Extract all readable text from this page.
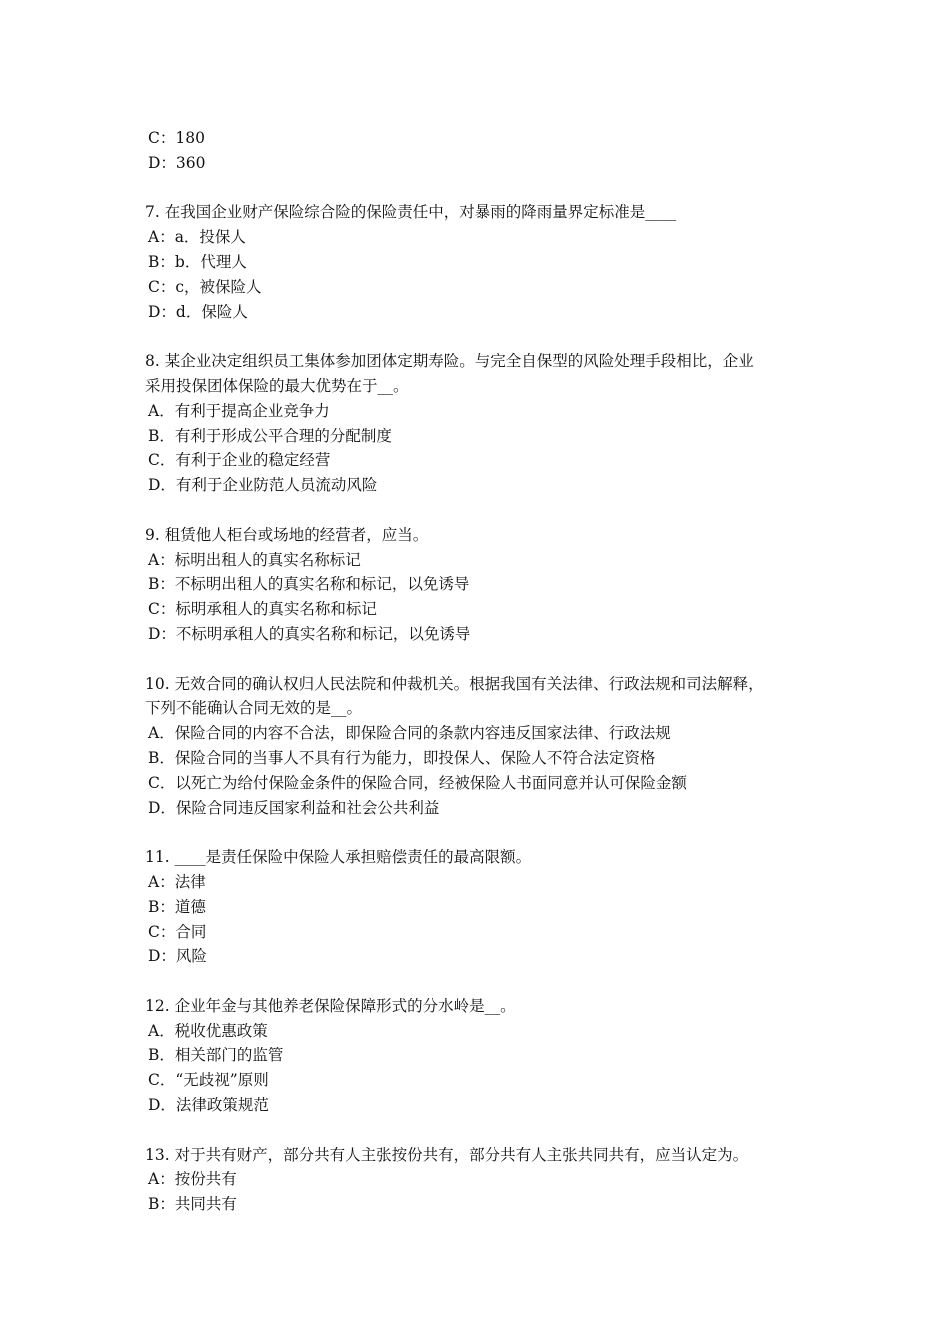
C：180
D：360
7. 在我国企业财产保险综合险的保险责任中，对暴雨的降雨量界定标准是____
A：a．投保人
B：b．代理人
C：c，被保险人
D：d．保险人
8. 某企业决定组织员工集体参加团体定期寿险。与完全自保型的风险处理手段相比，企业
采用投保团体保险的最大优势在于__。
A．有利于提高企业竞争力
B．有利于形成公平合理的分配制度
C．有利于企业的稳定经营
D．有利于企业防范人员流动风险
9. 租赁他人柜台或场地的经营者，应当。
A：标明出租人的真实名称标记
B：不标明出租人的真实名称和标记，以免诱导
C：标明承租人的真实名称和标记
D：不标明承租人的真实名称和标记，以免诱导
10. 无效合同的确认权归人民法院和仲裁机关。根据我国有关法律、行政法规和司法解释，
下列不能确认合同无效的是__。
A．保险合同的内容不合法，即保险合同的条款内容违反国家法律、行政法规
B．保险合同的当事人不具有行为能力，即投保人、保险人不符合法定资格
C．以死亡为给付保险金条件的保险合同，经被保险人书面同意并认可保险金额
D．保险合同违反国家利益和社会公共利益
11. ____是责任保险中保险人承担赔偿责任的最高限额。
A：法律
B：道德
C：合同
D：风险
12. 企业年金与其他养老保险保障形式的分水岭是__。
A．税收优惠政策
B．相关部门的监管
C．“无歧视”原则
D．法律政策规范
13. 对于共有财产，部分共有人主张按份共有，部分共有人主张共同共有，应当认定为。
A：按份共有
B：共同共有
